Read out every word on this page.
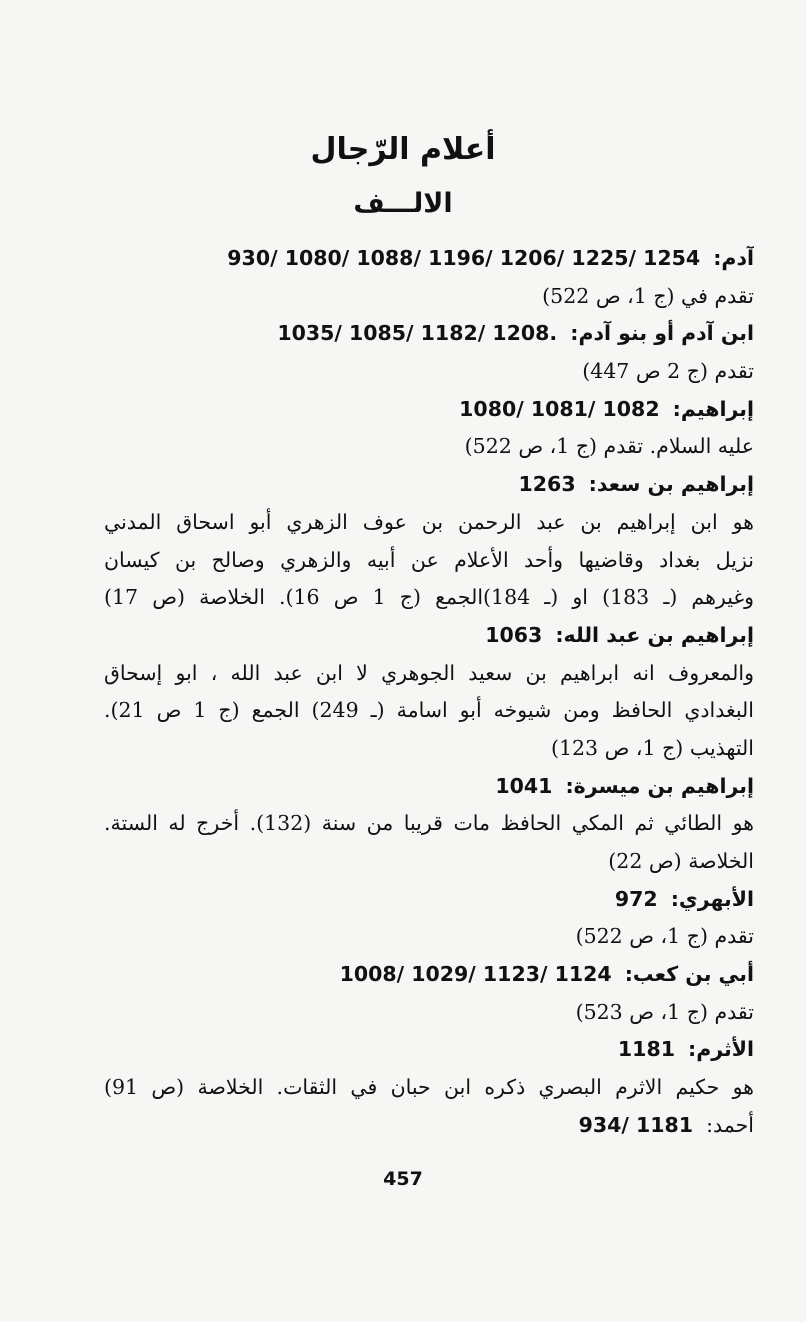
أعلام الرّجال
الالـــف
آدم:  930/ 1080/ 1088/ 1196/ 1206/ 1225/ 1254
تقدم في (ج 1، ص 522)
ابن آدم أو بنو آدم:  1035/ 1085/ 1182/ 1208.
تقدم (ج 2 ص 447)
إبراهيم:  1080/ 1081/ 1082
عليه السلام. تقدم (ج 1، ص 522)
إبراهيم بن سعد:  1263
هو ابن إبراهيم بن عبد الرحمن بن عوف الزهري أبو اسحاق المدني
نزيل بغداد وقاضيها وأحد الأعلام عن أبيه والزهري وصالح بن كيسان
وغيرهم (ـ 183) او (ـ 184)الجمع (ج 1 ص 16). الخلاصة (ص 17)
إبراهيم بن عبد الله:  1063
والمعروف انه ابراهيم بن سعيد الجوهري لا ابن عبد الله ، ابو إسحاق
البغدادي الحافظ ومن شيوخه أبو اسامة (ـ 249) الجمع (ج 1 ص 21).
التهذيب (ج 1، ص 123)
إبراهيم بن ميسرة:  1041
هو الطائي ثم المكي الحافظ مات قريبا من سنة (132). أخرج له الستة.
الخلاصة (ص 22)
الأبهري:  972
تقدم (ج 1، ص 522)
أبي بن كعب:  1008/ 1029/ 1123/ 1124
تقدم (ج 1، ص 523)
الأثرم:  1181
هو حكيم الاثرم البصري ذكره ابن حبان في الثقات. الخلاصة (ص 91)
أحمد:  934/ 1181
457
